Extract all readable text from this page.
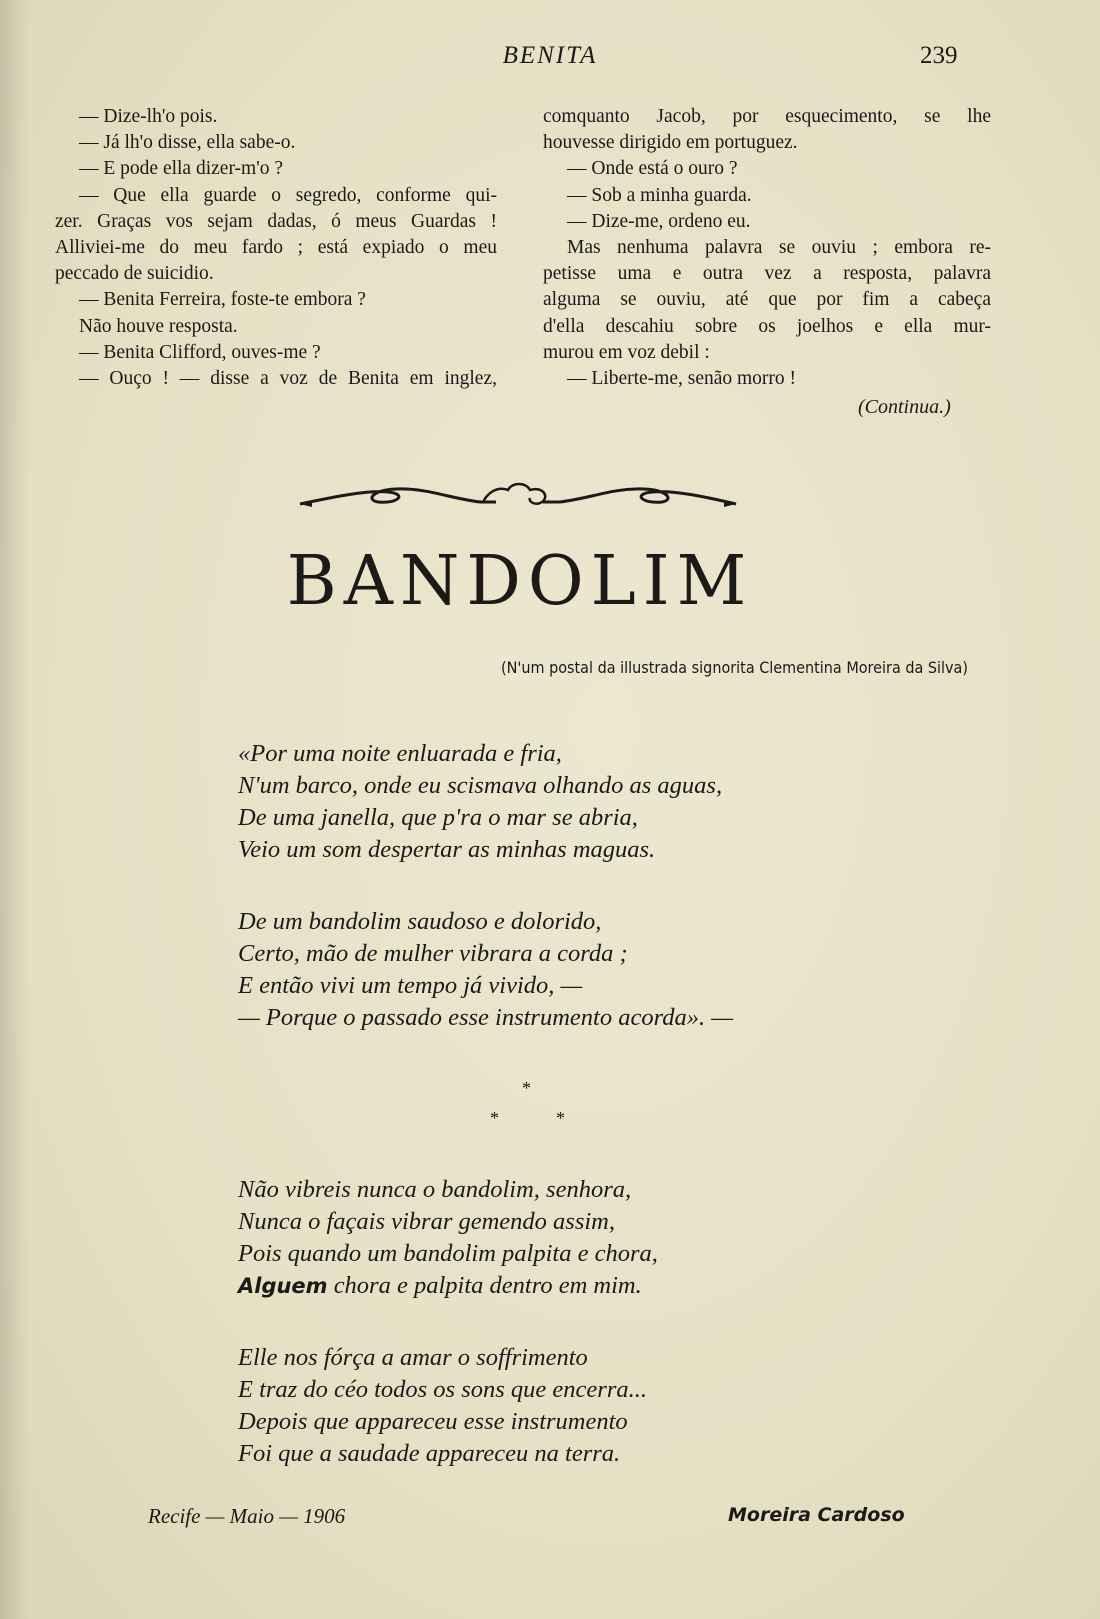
BENITA	239

— Dize-lh'o pois.

— Já lh'o disse, ella sabe-o.

— E pode ella dizer-m'o ?

— Que ella guarde o segredo, conforme qui-

zer. Graças vos sejam dadas, ó meus Guardas !

Alliviei-me do meu fardo ; está expiado o meu

peccado de suicidio.

— Benita Ferreira, foste-te embora ?

Não houve resposta.

— Benita Clifford, ouves-me ?

— Ouço ! — disse a voz de Benita em inglez,

comquanto Jacob, por esquecimento, se lhe

houvesse dirigido em portuguez.

— Onde está o ouro ?

— Sob a minha guarda.

— Dize-me, ordeno eu.

Mas nenhuma palavra se ouviu ; embora re-

petisse uma e outra vez a resposta, palavra

alguma se ouviu, até que por fim a cabeça

d'ella descahiu sobre os joelhos e ella mur-

murou em voz debil :

— Liberte-me, senão morro !

(Continua.)
BANDOLIM
(N'um postal da illustrada signorita Clementina Moreira da Silva)

«Por uma noite enluarada e fria,

N'um barco, onde eu scismava olhando as aguas,

De uma janella, que p'ra o mar se abria,

Veio um som despertar as minhas maguas.

De um bandolim saudoso e dolorido,

Certo, mão de mulher vibrara a corda ;

E então vivi um tempo já vivido, —

— Porque o passado esse instrumento acorda». —

*
*	*

Não vibreis nunca o bandolim, senhora,

Nunca o façais vibrar gemendo assim,

Pois quando um bandolim palpita e chora,

Alguem chora e palpita dentro em mim.

Elle nos fórça a amar o soffrimento

E traz do céo todos os sons que encerra...

Depois que appareceu esse instrumento

Foi que a saudade appareceu na terra.

Recife — Maio — 1906	Moreira Cardoso
